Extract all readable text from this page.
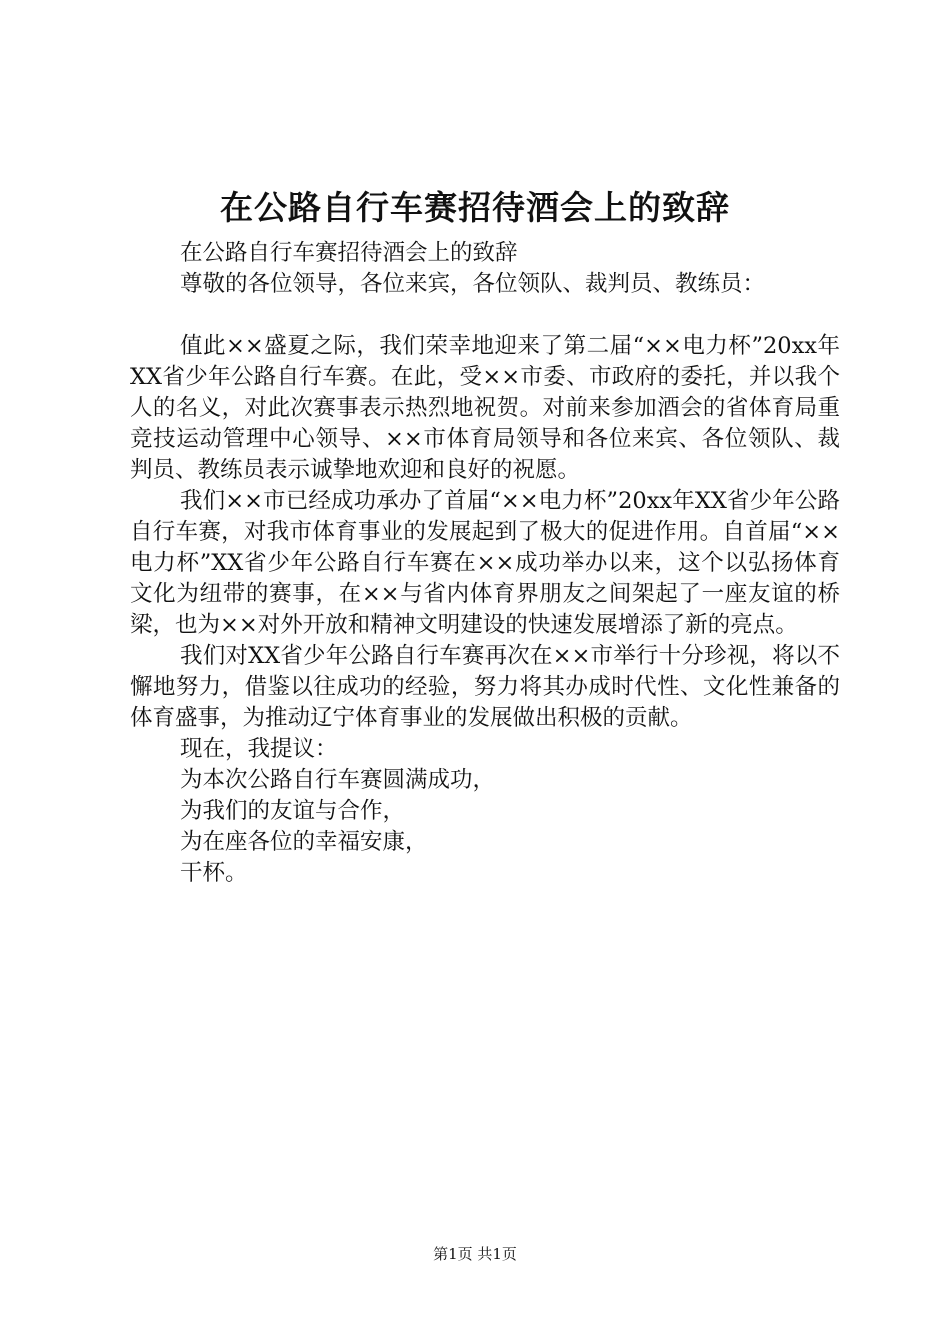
在公路自行车赛招待酒会上的致辞

在公路自行车赛招待酒会上的致辞

尊敬的各位领导，各位来宾，各位领队、裁判员、教练员：

值此××盛夏之际，我们荣幸地迎来了第二届“××电力杯”20xx年XX省少年公路自行车赛。在此，受××市委、市政府的委托，并以我个人的名义，对此次赛事表示热烈地祝贺。对前来参加酒会的省体育局重竞技运动管理中心领导、××市体育局领导和各位来宾、各位领队、裁判员、教练员表示诚挚地欢迎和良好的祝愿。

我们××市已经成功承办了首届“××电力杯”20xx年XX省少年公路自行车赛，对我市体育事业的发展起到了极大的促进作用。自首届“××电力杯”XX省少年公路自行车赛在××成功举办以来，这个以弘扬体育文化为纽带的赛事，在××与省内体育界朋友之间架起了一座友谊的桥梁，也为××对外开放和精神文明建设的快速发展增添了新的亮点。

我们对XX省少年公路自行车赛再次在××市举行十分珍视，将以不懈地努力，借鉴以往成功的经验，努力将其办成时代性、文化性兼备的体育盛事，为推动辽宁体育事业的发展做出积极的贡献。

现在，我提议：

为本次公路自行车赛圆满成功，

为我们的友谊与合作，

为在座各位的幸福安康，

干杯。

第1页 共1页
